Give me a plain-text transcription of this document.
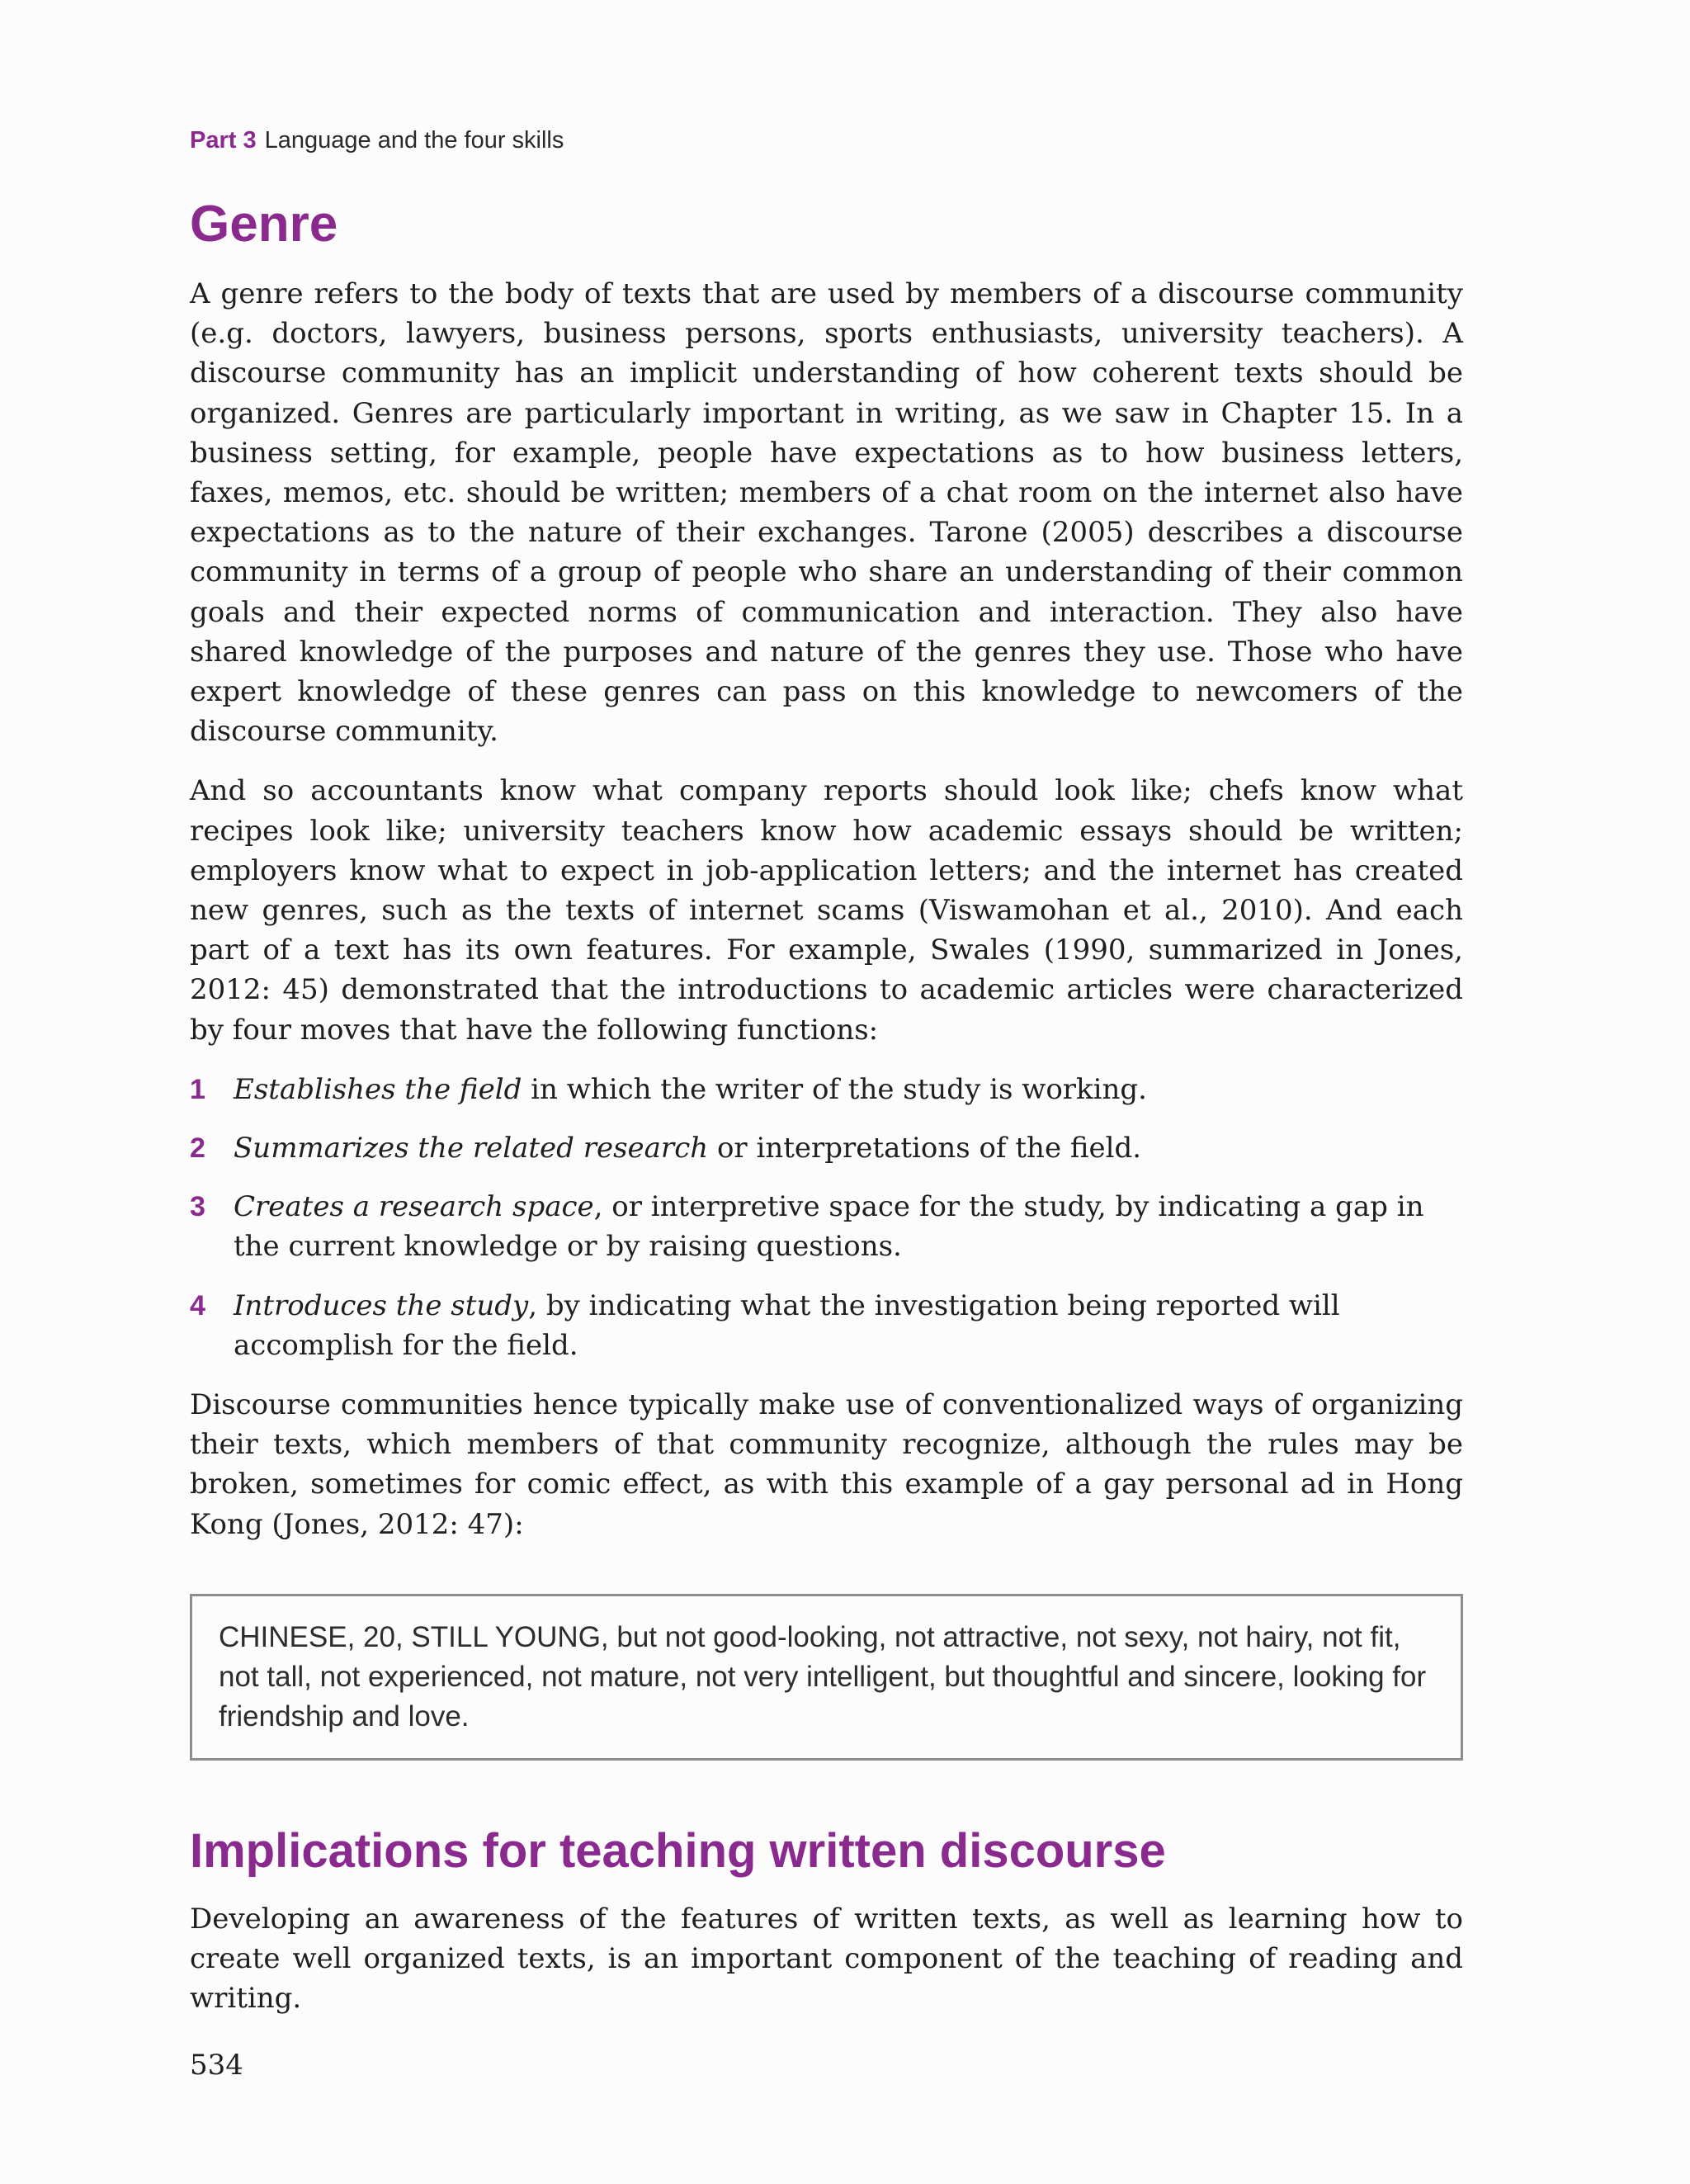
Part 3 Language and the four skills
Genre

A genre refers to the body of texts that are used by members of a discourse community (e.g. doctors, lawyers, business persons, sports enthusiasts, university teachers). A discourse community has an implicit understanding of how coherent texts should be organized. Genres are particularly important in writing, as we saw in Chapter 15. In a business setting, for example, people have expectations as to how business letters, faxes, memos, etc. should be written; members of a chat room on the internet also have expectations as to the nature of their exchanges. Tarone (2005) describes a discourse community in terms of a group of people who share an understanding of their common goals and their expected norms of communication and interaction. They also have shared knowledge of the purposes and nature of the genres they use. Those who have expert knowledge of these genres can pass on this knowledge to newcomers of the discourse community.

And so accountants know what company reports should look like; chefs know what recipes look like; university teachers know how academic essays should be written; employers know what to expect in job-application letters; and the internet has created new genres, such as the texts of internet scams (Viswamohan et al., 2010). And each part of a text has its own features. For example, Swales (1990, summarized in Jones, 2012: 45) demonstrated that the introductions to academic articles were characterized by four moves that have the following functions:

1	Establishes the field in which the writer of the study is working.
2	Summarizes the related research or interpretations of the field.
3	Creates a research space, or interpretive space for the study, by indicating a gap in the current knowledge or by raising questions.
4	Introduces the study, by indicating what the investigation being reported will accomplish for the field.

Discourse communities hence typically make use of conventionalized ways of organizing their texts, which members of that community recognize, although the rules may be broken, sometimes for comic effect, as with this example of a gay personal ad in Hong Kong (Jones, 2012: 47):

CHINESE, 20, STILL YOUNG, but not good-looking, not attractive, not sexy, not hairy, not fit, not tall, not experienced, not mature, not very intelligent, but thoughtful and sincere, looking for friendship and love.
Implications for teaching written discourse

Developing an awareness of the features of written texts, as well as learning how to create well organized texts, is an important component of the teaching of reading and writing.

534
